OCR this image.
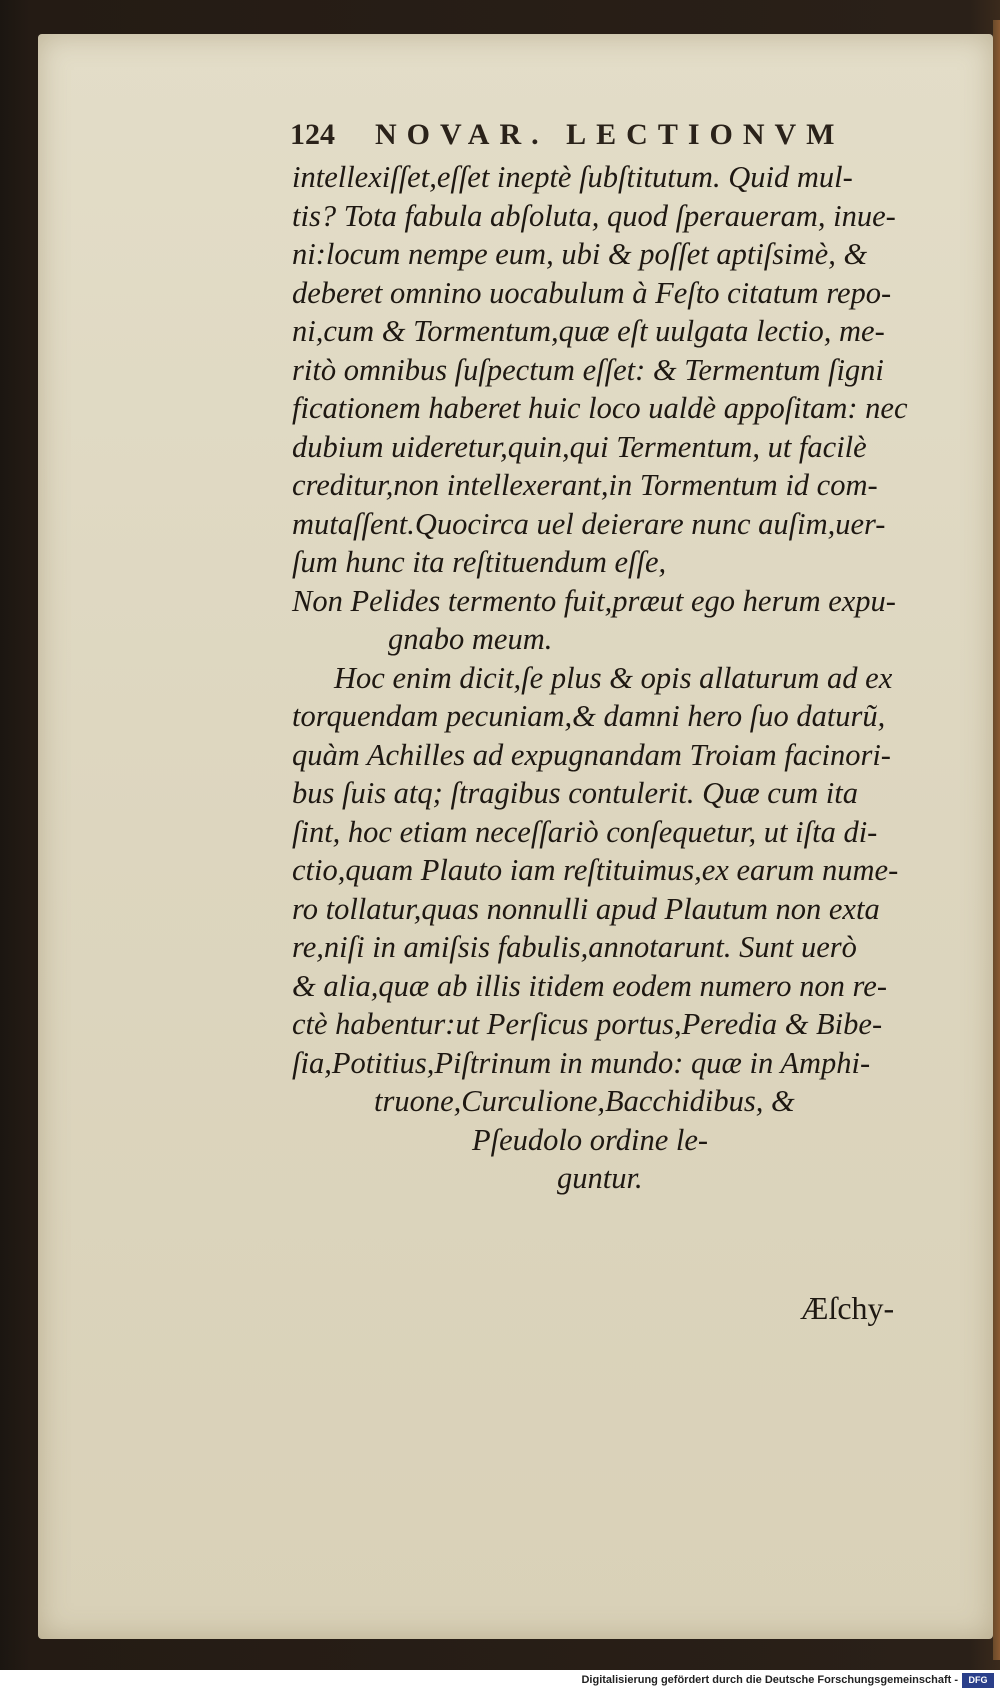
124 NOVAR. LECTIONVM
intellexiſſet,eſſet ineptè ſubſtitutum. Quid mul-
tis? Tota fabula abſoluta, quod ſperaueram, inue-
ni:locum nempe eum, ubi & poſſet aptiſsimè, &
deberet omnino uocabulum à Feſto citatum repo-
ni,cum & Tormentum,quæ eſt uulgata lectio, me-
ritò omnibus ſuſpectum eſſet: & Termentum ſigni
ficationem haberet huic loco ualdè appoſitam: nec
dubium uideretur,quin,qui Termentum, ut facilè
creditur,non intellexerant,in Tormentum id com-
mutaſſent.Quocirca uel deierare nunc auſim,uer-
ſum hunc ita reſtituendum eſſe,
Non Pelides termento fuit,præut ego herum expu-
gnabo meum.
Hoc enim dicit,ſe plus & opis allaturum ad ex
torquendam pecuniam,& damni hero ſuo daturũ,
quàm Achilles ad expugnandam Troiam facinori-
bus ſuis atq; ſtragibus contulerit. Quæ cum ita
ſint, hoc etiam neceſſariò conſequetur, ut iſta di-
ctio,quam Plauto iam reſtituimus,ex earum nume-
ro tollatur,quas nonnulli apud Plautum non exta
re,niſi in amiſsis fabulis,annotarunt. Sunt uerò
& alia,quæ ab illis itidem eodem numero non re-
ctè habentur:ut Perſicus portus,Peredia & Bibe-
ſia,Potitius,Piſtrinum in mundo: quæ in Amphi-
truone,Curculione,Bacchidibus, &
Pſeudolo ordine le-
guntur.
Æſchy-
Digitalisierung gefördert durch die Deutsche Forschungsgemeinschaft -	DFG
